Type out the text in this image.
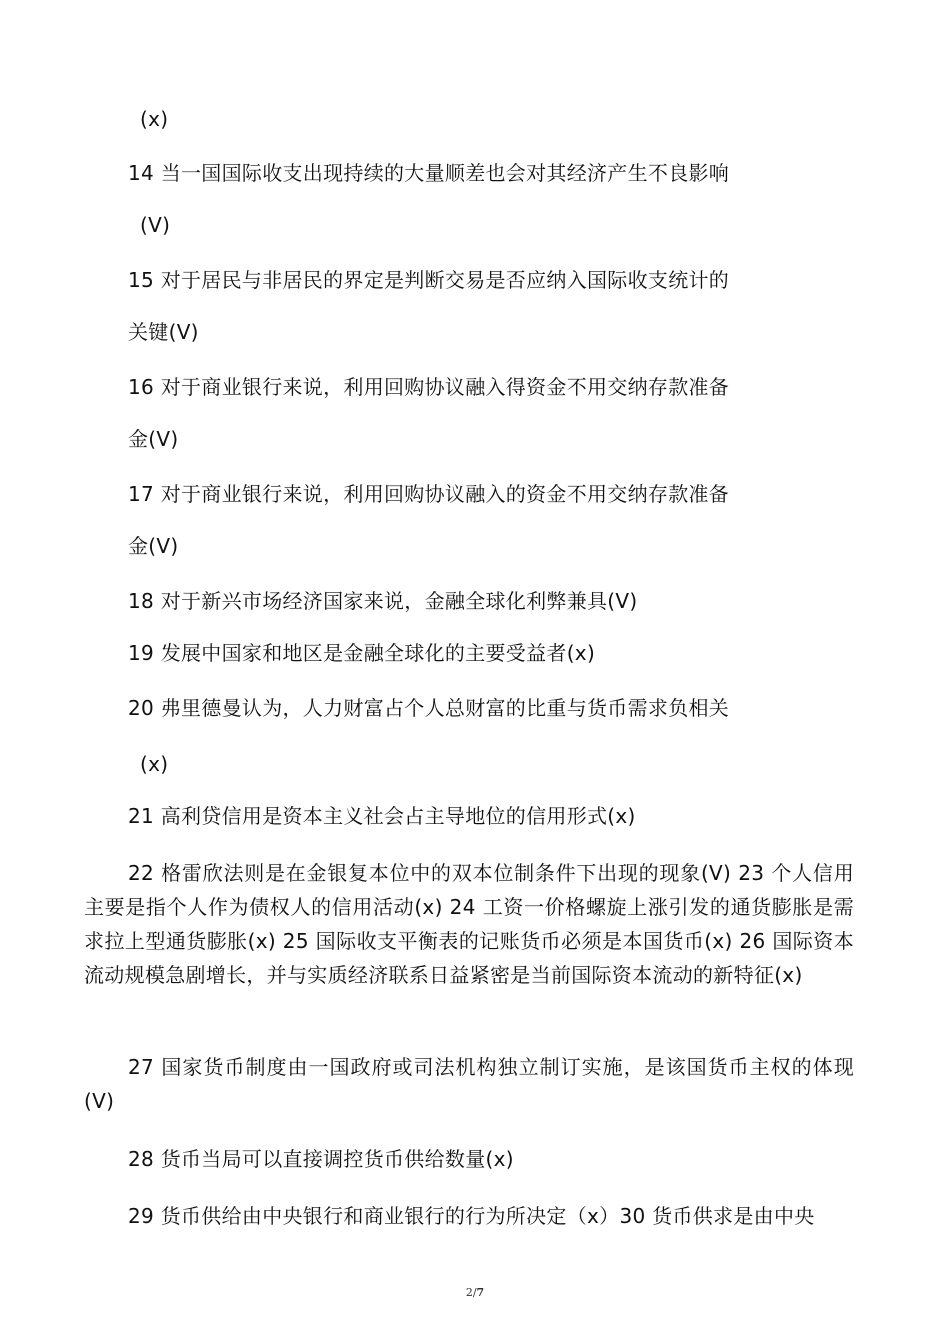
(x)
14 当一国国际收支出现持续的大量顺差也会对其经济产生不良影响
(V)
15 对于居民与非居民的界定是判断交易是否应纳入国际收支统计的
关键(V)
16 对于商业银行来说，利用回购协议融入得资金不用交纳存款准备
金(V)
17 对于商业银行来说，利用回购协议融入的资金不用交纳存款准备
金(V)
18 对于新兴市场经济国家来说，金融全球化利弊兼具(V)
19 发展中国家和地区是金融全球化的主要受益者(x)
20 弗里德曼认为，人力财富占个人总财富的比重与货币需求负相关
(x)
21 高利贷信用是资本主义社会占主导地位的信用形式(x)
22 格雷欣法则是在金银复本位中的双本位制条件下出现的现象(V) 23 个人信用主要是指个人作为债权人的信用活动(x) 24 工资一价格螺旋上涨引发的通货膨胀是需求拉上型通货膨胀(x) 25 国际收支平衡表的记账货币必须是本国货币(x) 26 国际资本流动规模急剧增长，并与实质经济联系日益紧密是当前国际资本流动的新特征(x)
27 国家货币制度由一国政府或司法机构独立制订实施，是该国货币主权的体现(V)
28 货币当局可以直接调控货币供给数量(x)
29 货币供给由中央银行和商业银行的行为所决定（x）30 货币供求是由中央
2/7
